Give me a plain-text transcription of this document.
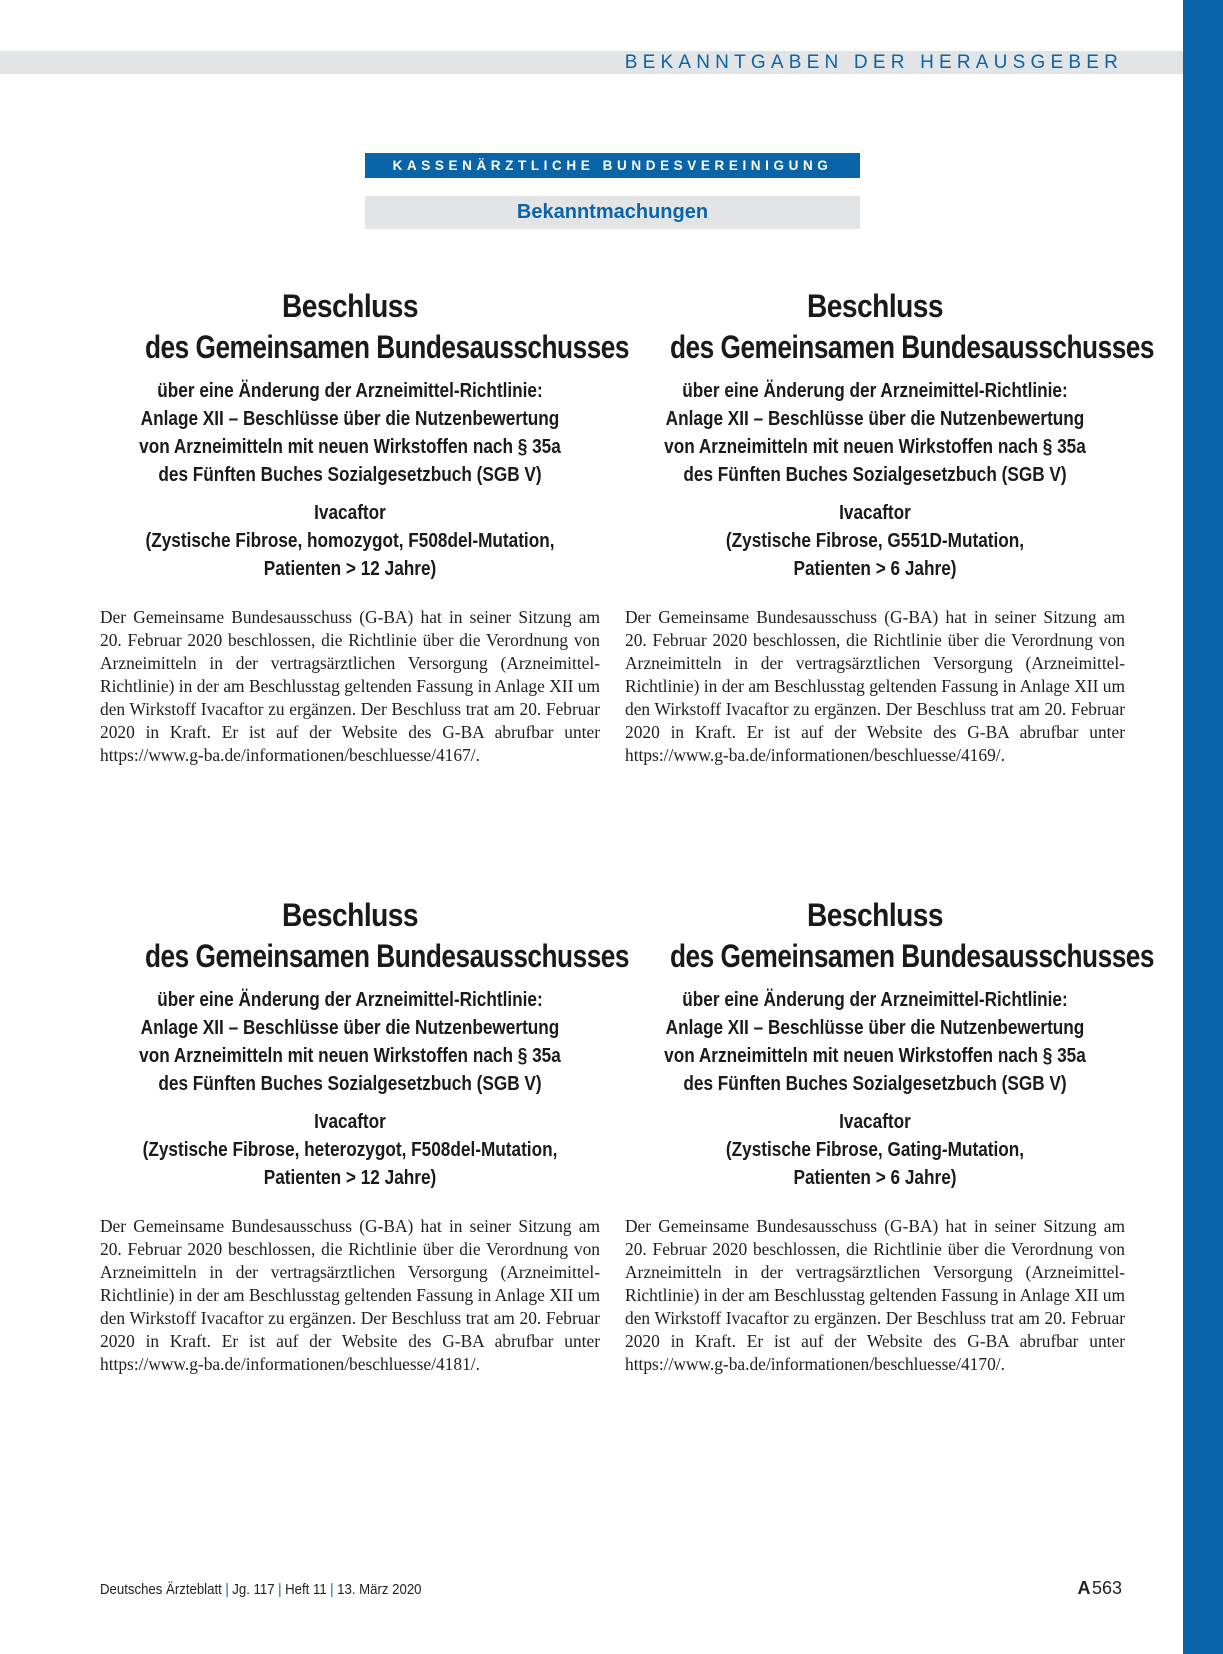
BEKANNTGABEN DER HERAUSGEBER
KASSENÄRZTLICHE BUNDESVEREINIGUNG
Bekanntmachungen
Beschluss
des Gemeinsamen Bundesausschusses
über eine Änderung der Arzneimittel-Richtlinie:
Anlage XII – Beschlüsse über die Nutzenbewertung
von Arzneimitteln mit neuen Wirkstoffen nach § 35a
des Fünften Buches Sozialgesetzbuch (SGB V)
Ivacaftor
(Zystische Fibrose, homozygot, F508del-Mutation,
Patienten > 12 Jahre)

Der Gemeinsame Bundesausschuss (G-BA) hat in seiner Sitzung am 20. Februar 2020 beschlossen, die Richtlinie über die Verordnung von Arzneimitteln in der vertragsärztlichen Versorgung (Arzneimittel-Richtlinie) in der am Beschlusstag geltenden Fassung in Anlage XII um den Wirkstoff Ivacaftor zu ergänzen. Der Beschluss trat am 20. Februar 2020 in Kraft. Er ist auf der Website des G-BA abrufbar unter https://www.g-ba.de/informationen/beschluesse/4167/.

Beschluss
des Gemeinsamen Bundesausschusses
über eine Änderung der Arzneimittel-Richtlinie:
Anlage XII – Beschlüsse über die Nutzenbewertung
von Arzneimitteln mit neuen Wirkstoffen nach § 35a
des Fünften Buches Sozialgesetzbuch (SGB V)
Ivacaftor
(Zystische Fibrose, G551D-Mutation,
Patienten > 6 Jahre)

Der Gemeinsame Bundesausschuss (G-BA) hat in seiner Sitzung am 20. Februar 2020 beschlossen, die Richtlinie über die Verordnung von Arzneimitteln in der vertragsärztlichen Versorgung (Arzneimittel-Richtlinie) in der am Beschlusstag geltenden Fassung in Anlage XII um den Wirkstoff Ivacaftor zu ergänzen. Der Beschluss trat am 20. Februar 2020 in Kraft. Er ist auf der Website des G-BA abrufbar unter https://www.g-ba.de/informationen/beschluesse/4169/.

Beschluss
des Gemeinsamen Bundesausschusses
über eine Änderung der Arzneimittel-Richtlinie:
Anlage XII – Beschlüsse über die Nutzenbewertung
von Arzneimitteln mit neuen Wirkstoffen nach § 35a
des Fünften Buches Sozialgesetzbuch (SGB V)
Ivacaftor
(Zystische Fibrose, heterozygot, F508del-Mutation,
Patienten > 12 Jahre)

Der Gemeinsame Bundesausschuss (G-BA) hat in seiner Sitzung am 20. Februar 2020 beschlossen, die Richtlinie über die Verordnung von Arzneimitteln in der vertragsärztlichen Versorgung (Arzneimittel-Richtlinie) in der am Beschlusstag geltenden Fassung in Anlage XII um den Wirkstoff Ivacaftor zu ergänzen. Der Beschluss trat am 20. Februar 2020 in Kraft. Er ist auf der Website des G-BA abrufbar unter https://www.g-ba.de/informationen/beschluesse/4181/.

Beschluss
des Gemeinsamen Bundesausschusses
über eine Änderung der Arzneimittel-Richtlinie:
Anlage XII – Beschlüsse über die Nutzenbewertung
von Arzneimitteln mit neuen Wirkstoffen nach § 35a
des Fünften Buches Sozialgesetzbuch (SGB V)
Ivacaftor
(Zystische Fibrose, Gating-Mutation,
Patienten > 6 Jahre)

Der Gemeinsame Bundesausschuss (G-BA) hat in seiner Sitzung am 20. Februar 2020 beschlossen, die Richtlinie über die Verordnung von Arzneimitteln in der vertragsärztlichen Versorgung (Arzneimittel-Richtlinie) in der am Beschlusstag geltenden Fassung in Anlage XII um den Wirkstoff Ivacaftor zu ergänzen. Der Beschluss trat am 20. Februar 2020 in Kraft. Er ist auf der Website des G-BA abrufbar unter https://www.g-ba.de/informationen/beschluesse/4170/.

Deutsches Ärzteblatt | Jg. 117 | Heft 11 | 13. März 2020	A 563
